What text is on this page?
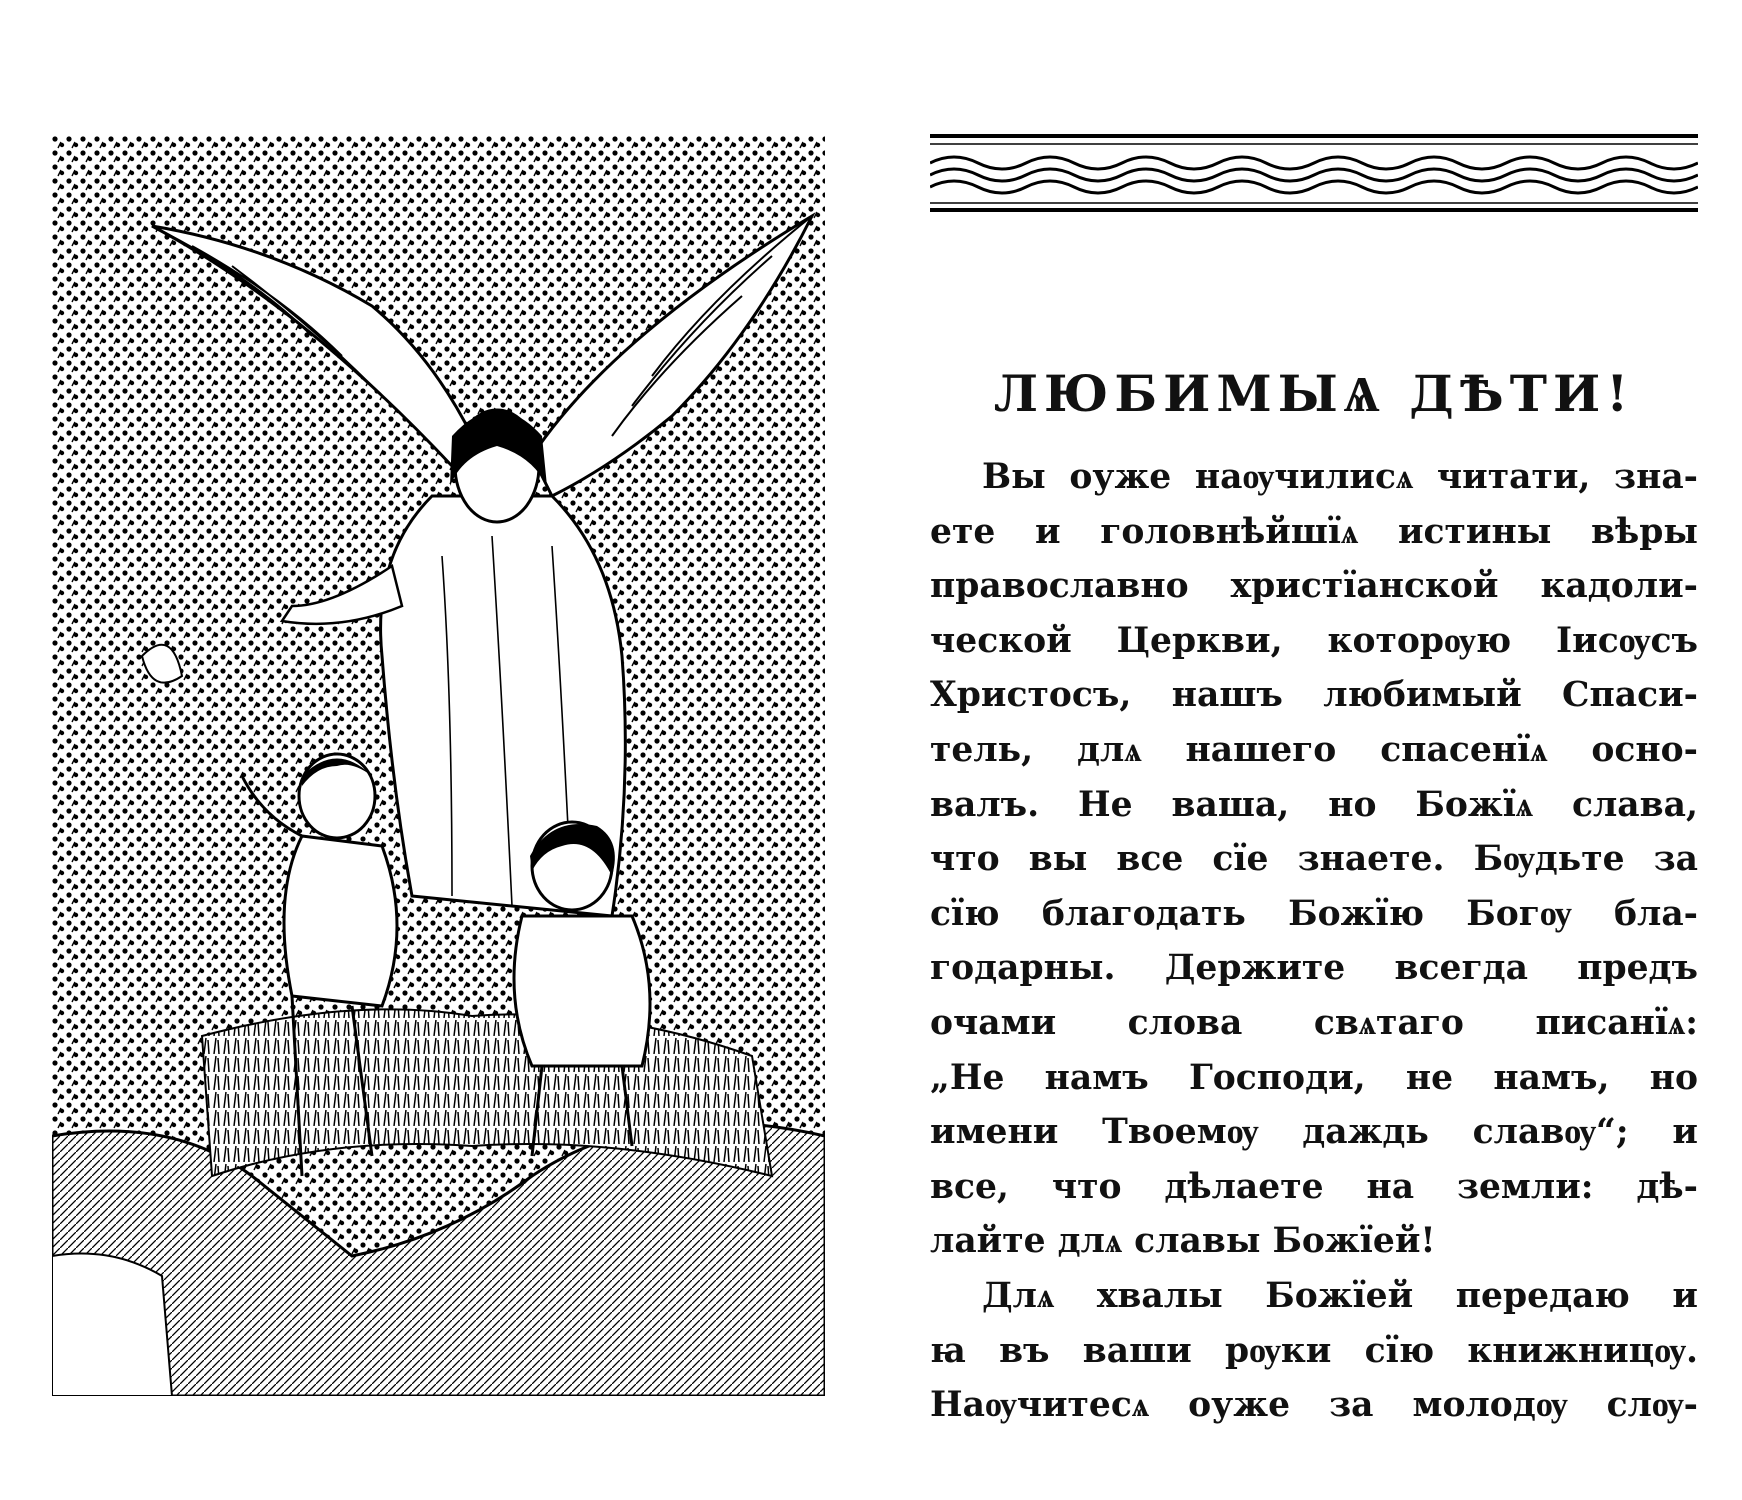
ЛЮБИМЫѦ ДѢТИ!
Вы оуже наѹчилисѧ читати, зна-
ете и головнѣйшїѧ истины вѣры
православно христїанской кадоли-
ческой Церкви, которѹю Іисѹсъ
Христосъ, нашъ любимый Спаси-
тель, длѧ нашего спасенїѧ осно-
валъ. Не ваша, но Божїѧ слава,
что вы все сїе знаете. Бѹдьте за
сїю благодать Божїю Богѹ бла-
годарны. Держите всегда предъ
очами слова свѧтаго писанїѧ:
„Не намъ Господи, не намъ, но
имени Твоемѹ даждь славѹ“; и
все, что дѣлаете на земли: дѣ-
лайте длѧ славы Божїей!
Длѧ хвалы Божїей передаю и
ꙗ въ ваши рѹки сїю книжницѹ.
Наѹчитесѧ оуже за молодѹ слѹ-
